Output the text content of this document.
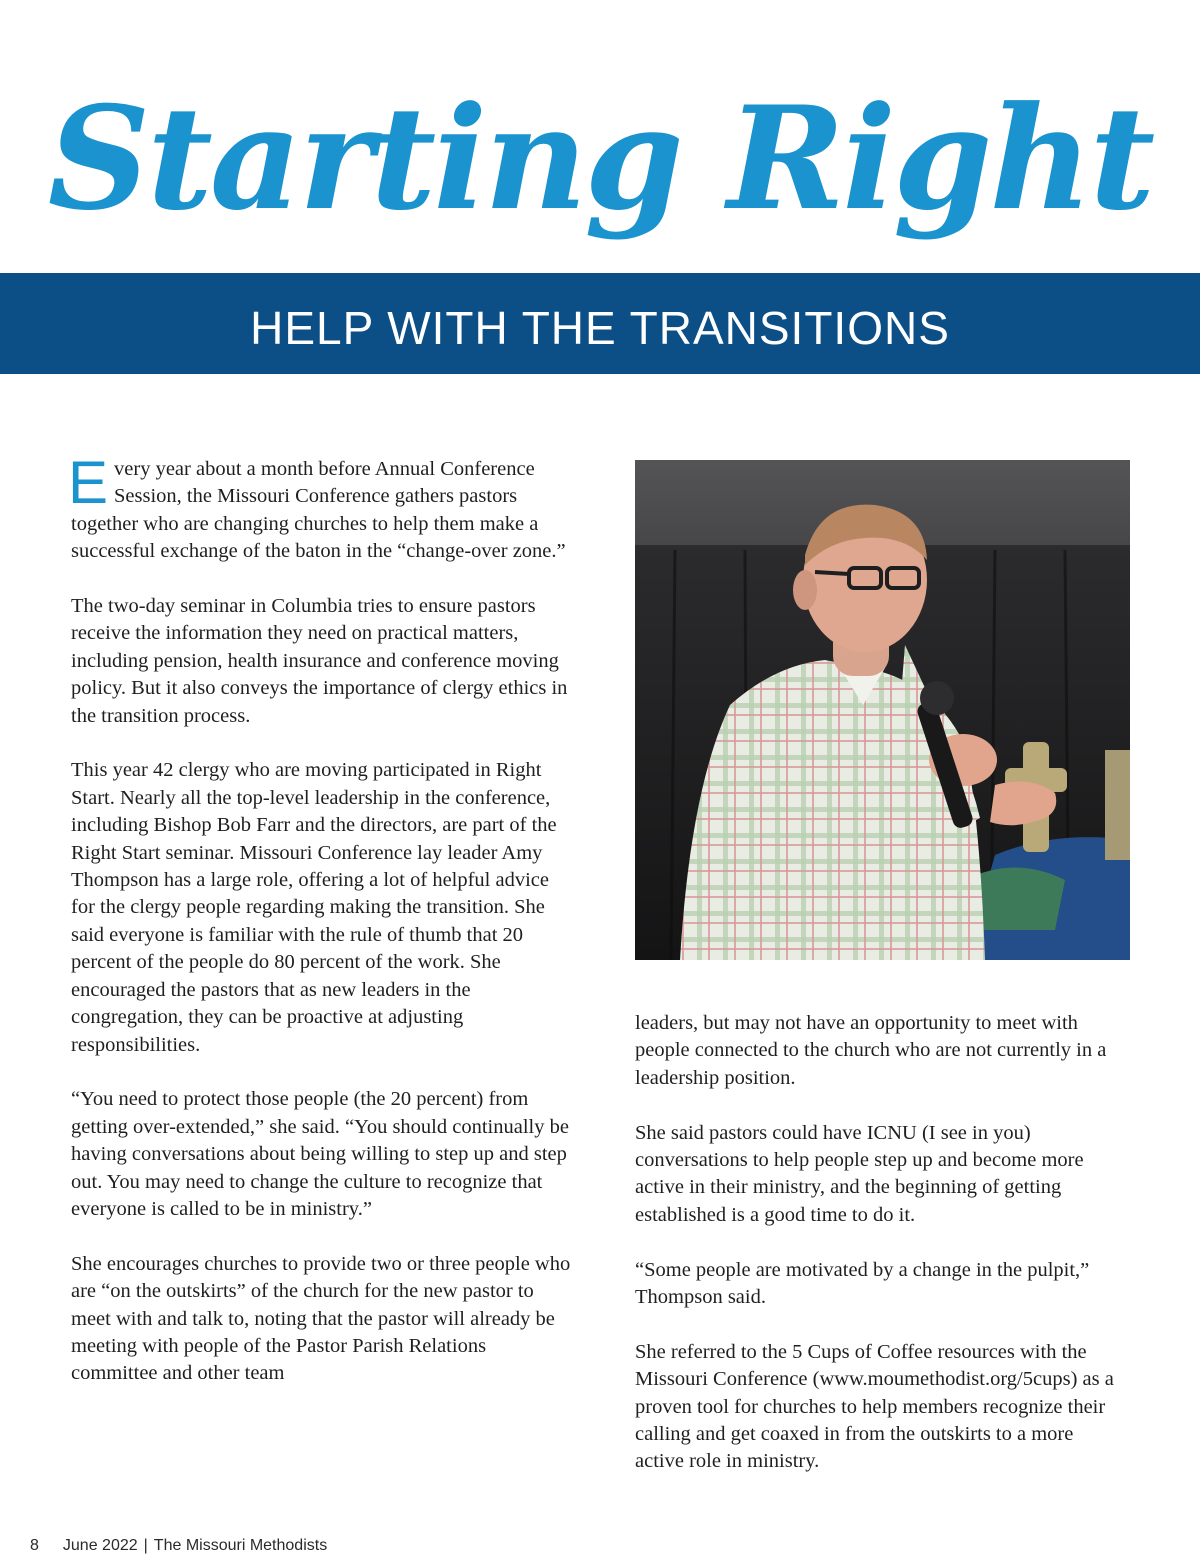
Starting Right
HELP WITH THE TRANSITIONS

Every year about a month before Annual Conference Session, the Missouri Conference gathers pastors together who are changing churches to help them make a successful exchange of the baton in the “change-over zone.”

The two-day seminar in Columbia tries to ensure pastors receive the information they need on practical matters, including pension, health insurance and conference moving policy. But it also conveys the importance of clergy ethics in the transition process.

This year 42 clergy who are moving participated in Right Start. Nearly all the top-level leadership in the conference, including Bishop Bob Farr and the directors, are part of the Right Start seminar. Missouri Conference lay leader Amy Thompson has a large role, offering a lot of helpful advice for the clergy people regarding making the transition. She said everyone is familiar with the rule of thumb that 20 percent of the people do 80 percent of the work. She encouraged the pastors that as new leaders in the congregation, they can be proactive at adjusting responsibilities.

“You need to protect those people (the 20 percent) from getting over-extended,” she said. “You should continually be having conversations about being willing to step up and step out. You may need to change the culture to recognize that everyone is called to be in ministry.”

She encourages churches to provide two or three people who are “on the outskirts” of the church for the new pastor to meet with and talk to, noting that the pastor will already be meeting with people of the Pastor Parish Relations committee and other team

leaders, but may not have an opportunity to meet with people connected to the church who are not currently in a leadership position.

She said pastors could have ICNU (I see in you) conversations to help people step up and become more active in their ministry, and the beginning of getting established is a good time to do it.

“Some people are motivated by a change in the pulpit,” Thompson said.

She referred to the 5 Cups of Coffee resources with the Missouri Conference (www.moumethodist.org/5cups) as a proven tool for churches to help members recognize their calling and get coaxed in from the outskirts to a more active role in ministry.

8 June 2022 | The Missouri Methodists
